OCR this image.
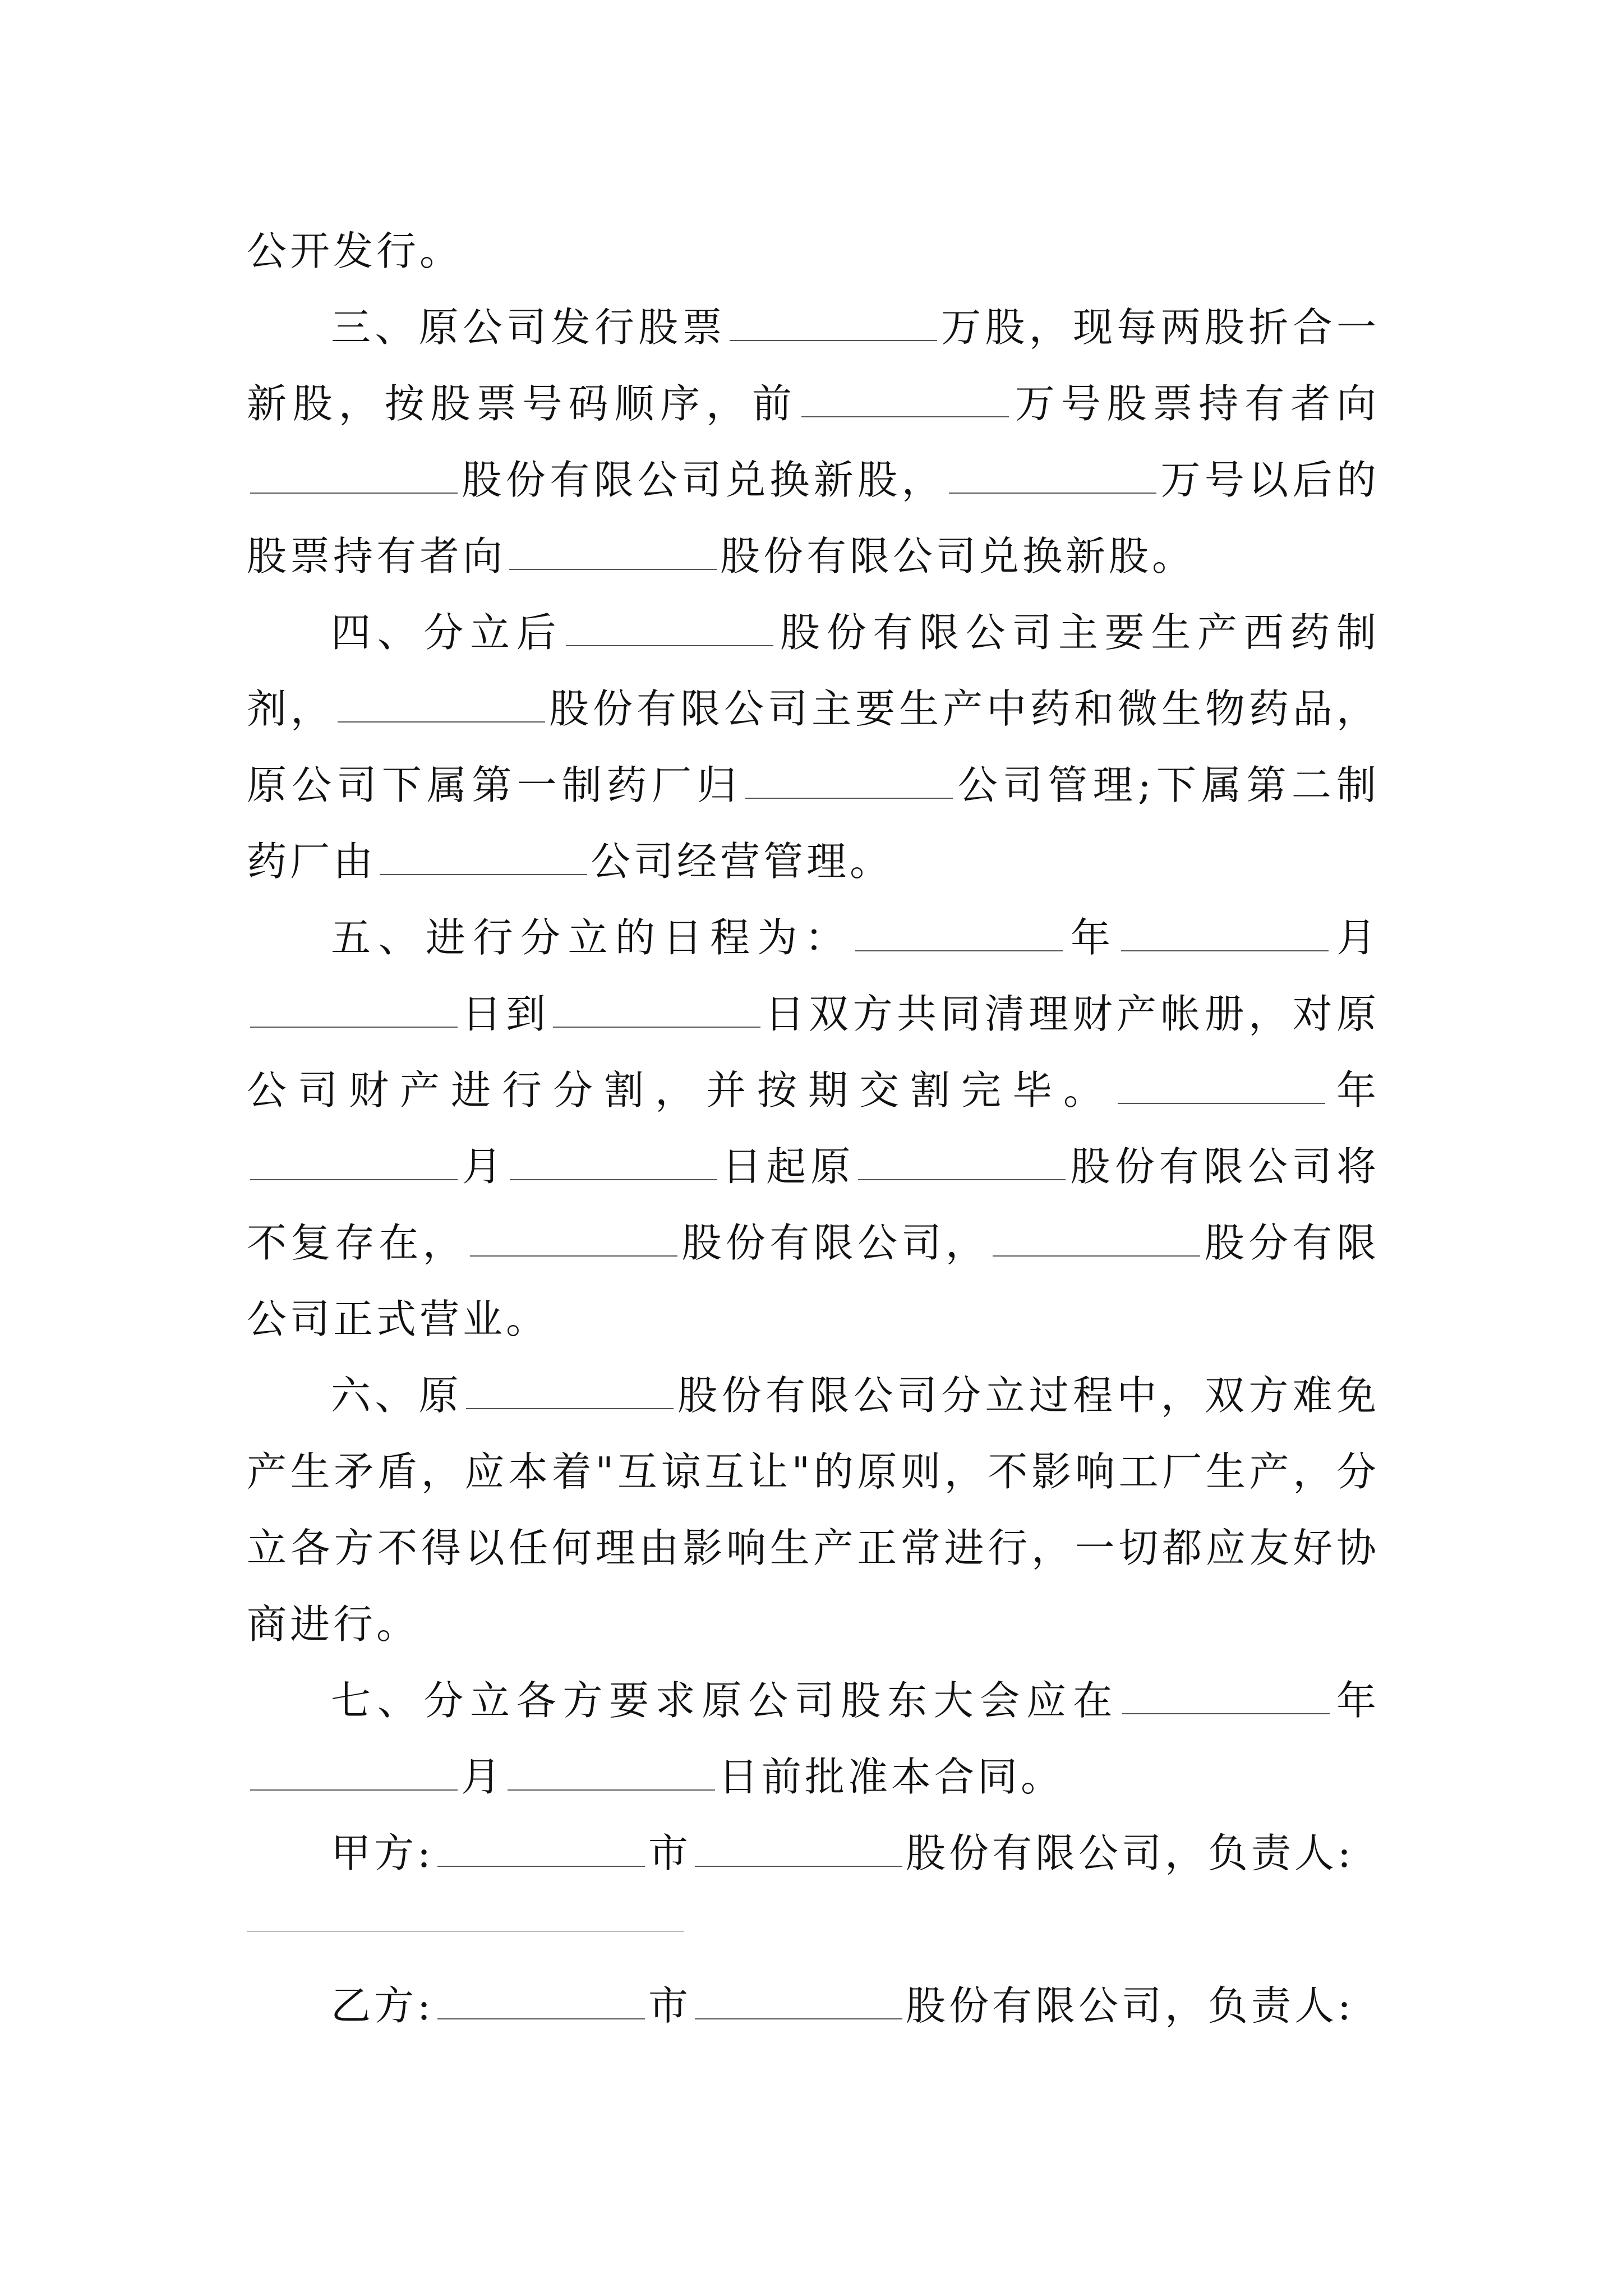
公开发行。

三、原公司发行股票	万股，现每两股折合一新股，按股票号码顺序，前	万号股票持有者向股份有限公司兑换新股，	万号以后的股票持有者向	股份有限公司兑换新股。

四、分立后	股份有限公司主要生产西药制剂，	股份有限公司主要生产中药和微生物药品，原公司下属第一制药厂归	公司管理;下属第二制药厂由	公司经营管理。

五、进行分立的日程为：	年	月日到	日双方共同清理财产帐册，对原公司财产进行分割，并按期交割完毕。	年月	日起原	股份有限公司将不复存在，	股份有限公司，	股分有限公司正式营业。

六、原	股份有限公司分立过程中，双方难免产生矛盾，应本着"互谅互让"的原则，不影响工厂生产，分立各方不得以任何理由影响生产正常进行，一切都应友好协商进行。

七、分立各方要求原公司股东大会应在	年月	日前批准本合同。

甲方:	市	股份有限公司，负责人:

乙方:	市	股份有限公司，负责人:
